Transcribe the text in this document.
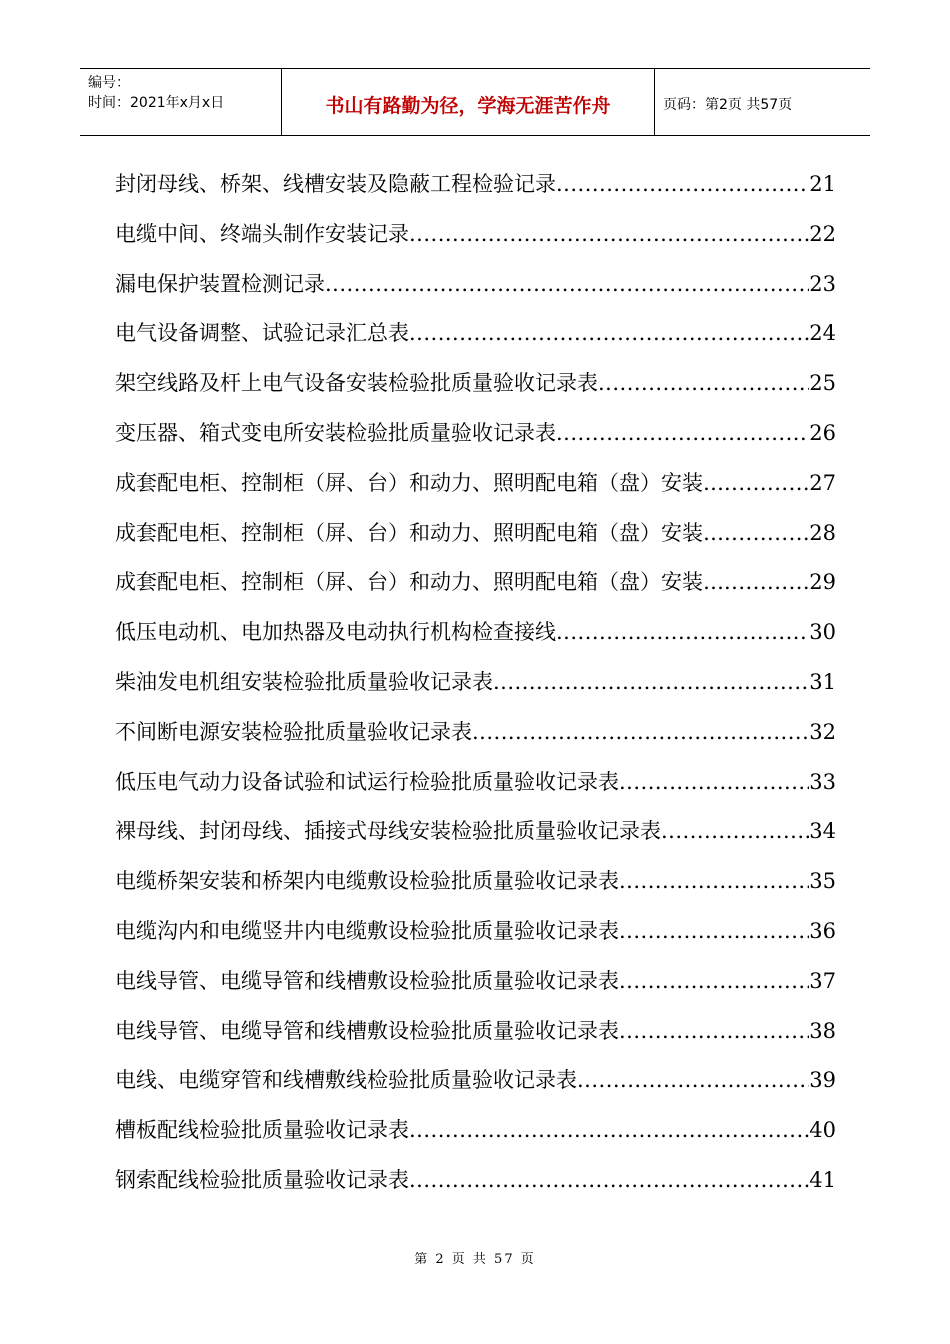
编号：
时间：2021年x月x日	书山有路勤为径，学海无涯苦作舟	页码：第2页 共57页
封闭母线、桥架、线槽安装及隐蔽工程检验记录 .....	21
电缆中间、终端头制作安装记录 .....	22
漏电保护装置检测记录 .....	23
电气设备调整、试验记录汇总表 .....	24
架空线路及杆上电气设备安装检验批质量验收记录表 .....	25
变压器、箱式变电所安装检验批质量验收记录表 .....	26
成套配电柜、控制柜（屏、台）和动力、照明配电箱（盘）安装… .....	27
成套配电柜、控制柜（屏、台）和动力、照明配电箱（盘）安装… .....	28
成套配电柜、控制柜（屏、台）和动力、照明配电箱（盘）安装… .....	29
低压电动机、电加热器及电动执行机构检查接线 .....	30
柴油发电机组安装检验批质量验收记录表 .....	31
不间断电源安装检验批质量验收记录表 .....	32
低压电气动力设备试验和试运行检验批质量验收记录表 .....	33
裸母线、封闭母线、插接式母线安装检验批质量验收记录表 .....	34
电缆桥架安装和桥架内电缆敷设检验批质量验收记录表 .....	35
电缆沟内和电缆竖井内电缆敷设检验批质量验收记录表 .....	36
电线导管、电缆导管和线槽敷设检验批质量验收记录表 .....	37
电线导管、电缆导管和线槽敷设检验批质量验收记录表 .....	38
电线、电缆穿管和线槽敷线检验批质量验收记录表 .....	39
槽板配线检验批质量验收记录表 .....	40
钢索配线检验批质量验收记录表 .....	41
第 2 页 共 57 页
